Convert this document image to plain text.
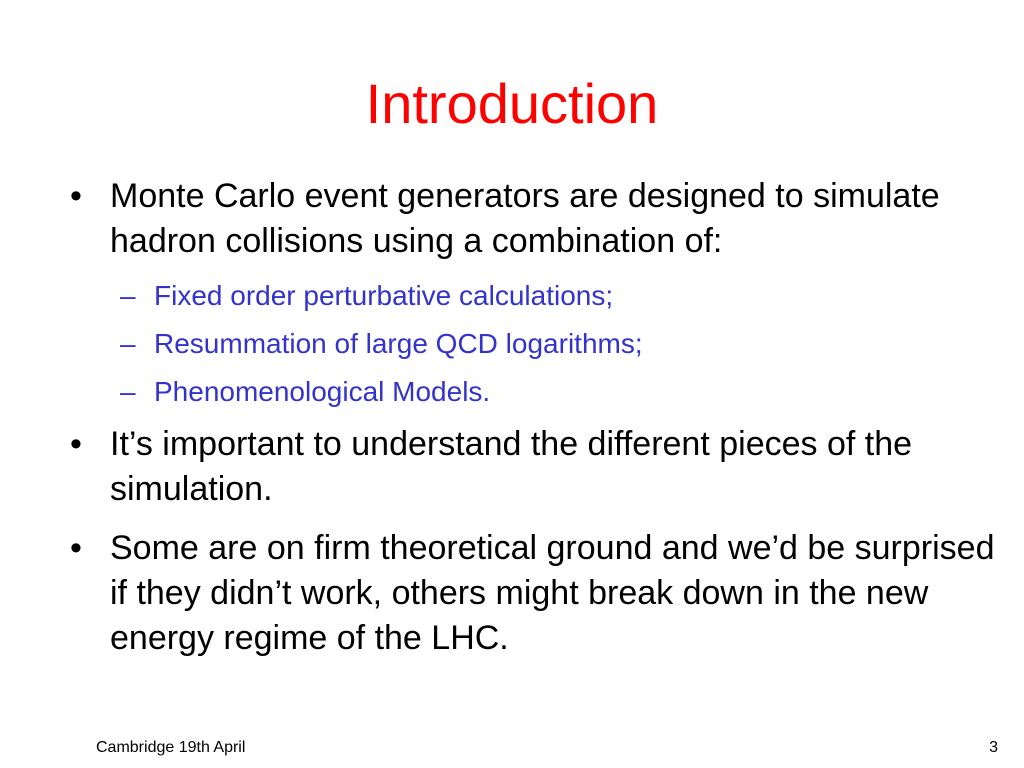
Introduction
• Monte Carlo event generators are designed to simulate hadron collisions using a combination of:
– Fixed order perturbative calculations;
– Resummation of large QCD logarithms;
– Phenomenological Models.
• It’s important to understand the different pieces of the simulation.
• Some are on firm theoretical ground and we’d be surprised if they didn’t work, others might break down in the new energy regime of the LHC.
Cambridge 19th April	3
